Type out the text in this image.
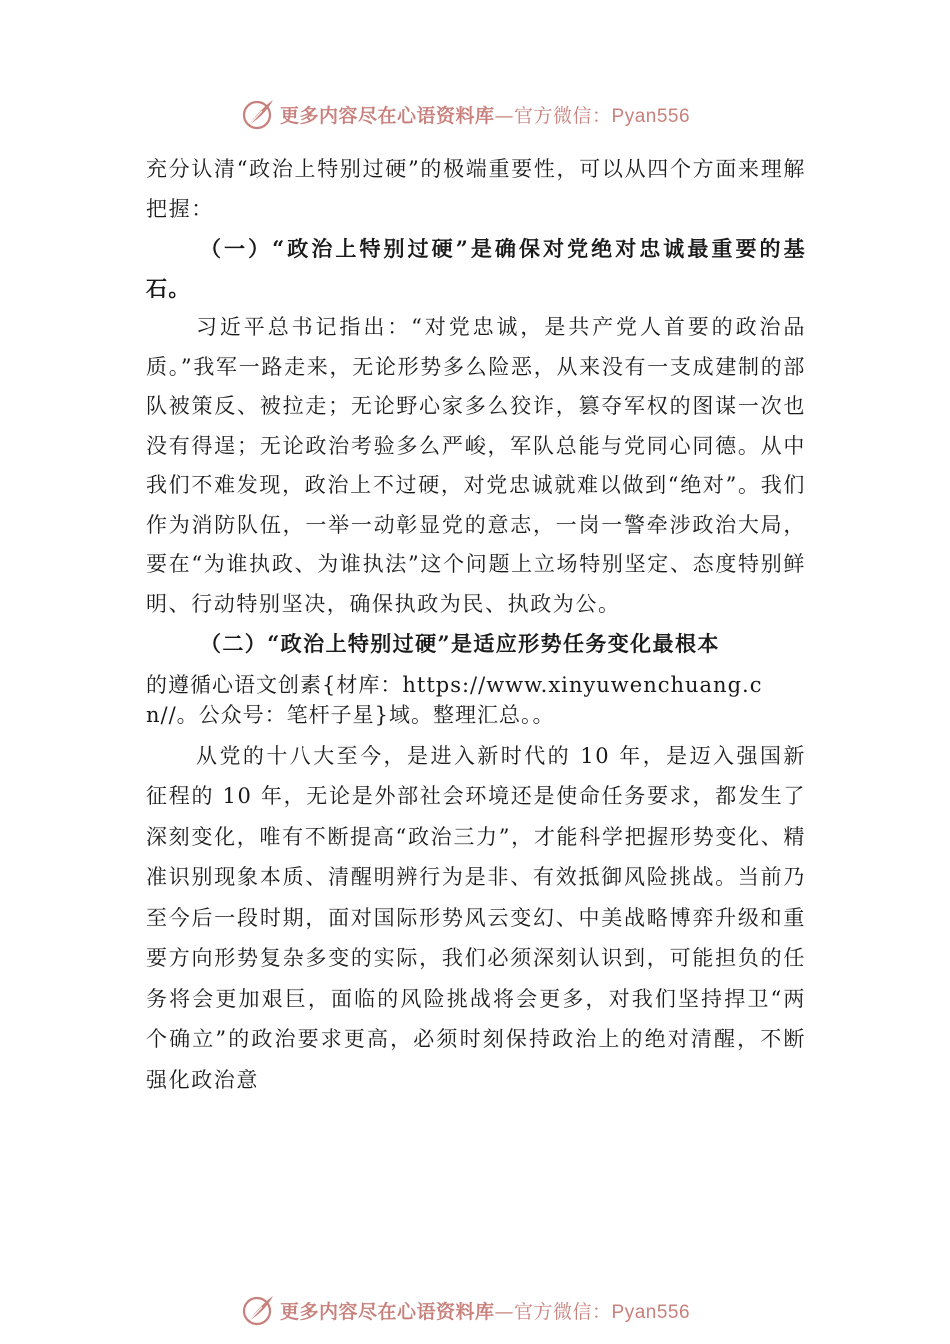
更多内容尽在心语资料库—官方微信：Pyan556

充分认清“政治上特别过硬”的极端重要性，可以从四个方面来理解把握：

（一）“政治上特别过硬”是确保对党绝对忠诚最重要的基石。

习近平总书记指出：“对党忠诚，是共产党人首要的政治品质。”我军一路走来，无论形势多么险恶，从来没有一支成建制的部队被策反、被拉走；无论野心家多么狡诈，篡夺军权的图谋一次也没有得逞；无论政治考验多么严峻，军队总能与党同心同德。从中我们不难发现，政治上不过硬，对党忠诚就难以做到“绝对”。我们作为消防队伍，一举一动彰显党的意志，一岗一警牵涉政治大局，要在“为谁执政、为谁执法”这个问题上立场特别坚定、态度特别鲜明、行动特别坚决，确保执政为民、执政为公。

（二）“政治上特别过硬”是适应形势任务变化最根本

的遵循心语文创素{材库：https://www.xinyuwenchuang.cn//。公众号：笔杆子星}域。整理汇总。。

从党的十八大至今，是进入新时代的 10 年，是迈入强国新征程的 10 年，无论是外部社会环境还是使命任务要求，都发生了深刻变化，唯有不断提高“政治三力”，才能科学把握形势变化、精准识别现象本质、清醒明辨行为是非、有效抵御风险挑战。当前乃至今后一段时期，面对国际形势风云变幻、中美战略博弈升级和重要方向形势复杂多变的实际，我们必须深刻认识到，可能担负的任务将会更加艰巨，面临的风险挑战将会更多，对我们坚持捍卫“两个确立”的政治要求更高，必须时刻保持政治上的绝对清醒，不断强化政治意

更多内容尽在心语资料库—官方微信：Pyan556
